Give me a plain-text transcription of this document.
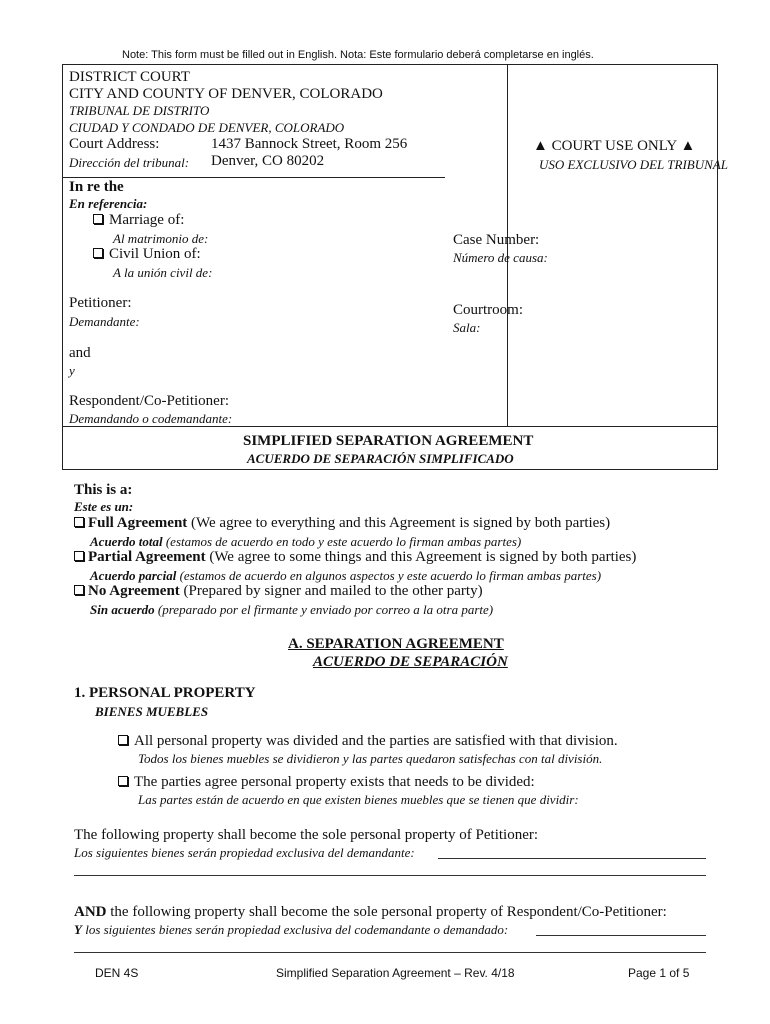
Note: This form must be filled out in English. Nota: Este formulario deberá completarse en inglés.
DISTRICT COURT
CITY AND COUNTY OF DENVER, COLORADO
TRIBUNAL DE DISTRITO
CIUDAD Y CONDADO DE DENVER, COLORADO
Court Address:	1437 Bannock Street, Room 256
Dirección del tribunal: Denver, CO 80202
▲ COURT USE ONLY ▲
USO EXCLUSIVO DEL TRIBUNAL
In re the
En referencia:
Marriage of:
Al matrimonio de:
Civil Union of:
A la unión civil de:
Petitioner:
Demandante:
and
y
Respondent/Co-Petitioner:
Demandando o codemandante:
Case Number:
Número de causa:
Courtroom:
Sala:
SIMPLIFIED SEPARATION AGREEMENT
ACUERDO DE SEPARACIÓN SIMPLIFICADO
This is a:
Este es un:
Full Agreement (We agree to everything and this Agreement is signed by both parties)
Acuerdo total (estamos de acuerdo en todo y este acuerdo lo firman ambas partes)
Partial Agreement (We agree to some things and this Agreement is signed by both parties)
Acuerdo parcial (estamos de acuerdo en algunos aspectos y este acuerdo lo firman ambas partes)
No Agreement (Prepared by signer and mailed to the other party)
Sin acuerdo (preparado por el firmante y enviado por correo a la otra parte)
A. SEPARATION AGREEMENT
ACUERDO DE SEPARACIÓN
1. PERSONAL PROPERTY
BIENES MUEBLES
All personal property was divided and the parties are satisfied with that division.
Todos los bienes muebles se dividieron y las partes quedaron satisfechas con tal división.
The parties agree personal property exists that needs to be divided:
Las partes están de acuerdo en que existen bienes muebles que se tienen que dividir:
The following property shall become the sole personal property of Petitioner:
Los siguientes bienes serán propiedad exclusiva del demandante:
AND the following property shall become the sole personal property of Respondent/Co-Petitioner:
Y los siguientes bienes serán propiedad exclusiva del codemandante o demandado:
DEN 4S	Simplified Separation Agreement – Rev. 4/18	Page 1 of 5
